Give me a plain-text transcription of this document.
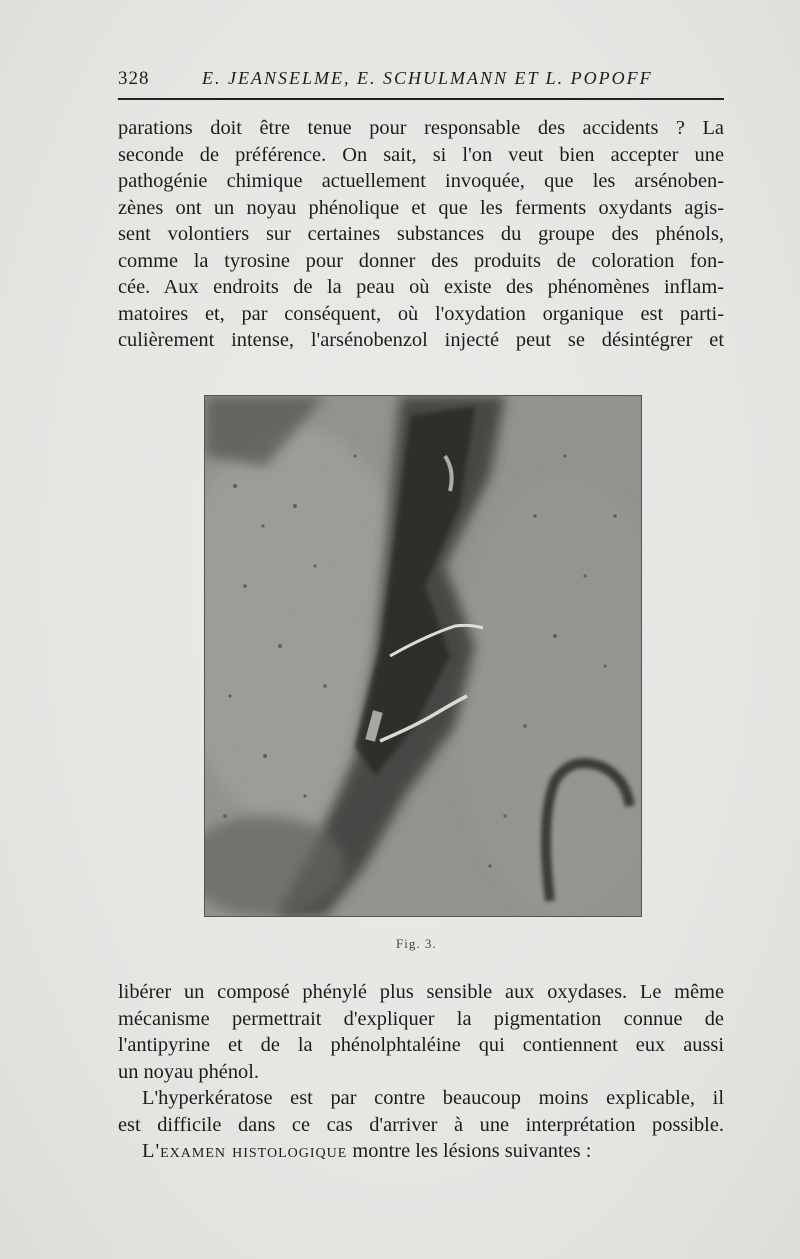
328	E. JEANSELME, E. SCHULMANN ET L. POPOFF
parations doit être tenue pour responsable des accidents ? La
seconde de préférence. On sait, si l'on veut bien accepter une
pathogénie chimique actuellement invoquée, que les arsénoben-
zènes ont un noyau phénolique et que les ferments oxydants agis-
sent volontiers sur certaines substances du groupe des phénols,
comme la tyrosine pour donner des produits de coloration fon-
cée. Aux endroits de la peau où existe des phénomènes inflam-
matoires et, par conséquent, où l'oxydation organique est parti-
culièrement intense, l'arsénobenzol injecté peut se désintégrer et
Fig. 3.
libérer un composé phénylé plus sensible aux oxydases. Le même
mécanisme permettrait d'expliquer la pigmentation connue de
l'antipyrine et de la phénolphtaléine qui contiennent eux aussi
un noyau phénol.
L'hyperkératose est par contre beaucoup moins explicable, il
est difficile dans ce cas d'arriver à une interprétation possible.
L'examen histologique montre les lésions suivantes :
